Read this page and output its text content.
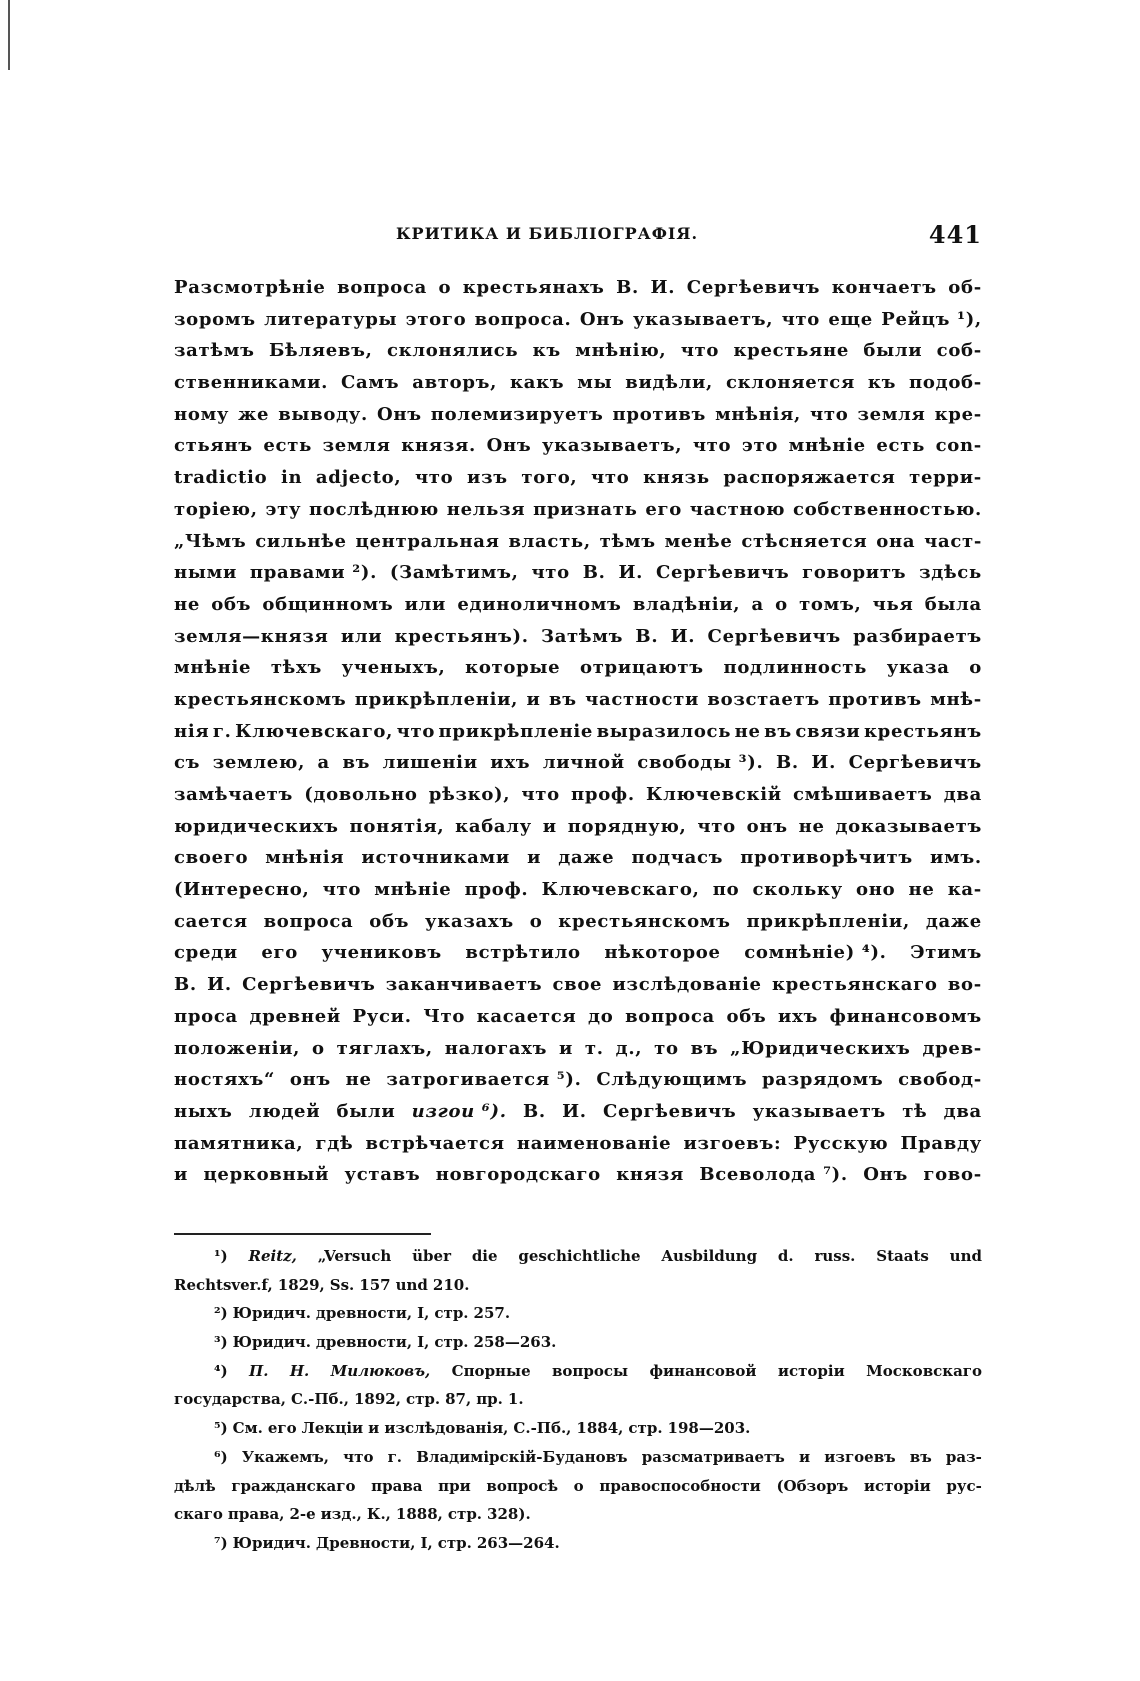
КРИТИКА И БИБЛІОГРАФІЯ.	441
Разсмотрѣніе вопроса о крестьянахъ В. И. Сергѣевичъ кончаетъ об-
зоромъ литературы этого вопроса. Онъ указываетъ, что еще Рейцъ ¹),
затѣмъ Бѣляевъ, склонялись къ мнѣнію, что крестьяне были соб-
ственниками. Самъ авторъ, какъ мы видѣли, склоняется къ подоб-
ному же выводу. Онъ полемизируетъ противъ мнѣнія, что земля кре-
стьянъ есть земля князя. Онъ указываетъ, что это мнѣніе есть con-
tradictio in adjecto, что изъ того, что князь распоряжается терри-
торіею, эту послѣднюю нельзя признать его частною собственностью.
„Чѣмъ сильнѣе центральная власть, тѣмъ менѣе стѣсняется она част-
ными правами ²). (Замѣтимъ, что В. И. Сергѣевичъ говоритъ здѣсь
не объ общинномъ или единоличномъ владѣніи, а о томъ, чья была
земля—князя или крестьянъ). Затѣмъ В. И. Сергѣевичъ разбираетъ
мнѣніе тѣхъ ученыхъ, которые отрицаютъ подлинность указа о
крестьянскомъ прикрѣпленіи, и въ частности возстаетъ противъ мнѣ-
нія г. Ключевскаго, что прикрѣпленіе выразилось не въ связи крестьянъ
съ землею, а въ лишеніи ихъ личной свободы ³). В. И. Сергѣевичъ
замѣчаетъ (довольно рѣзко), что проф. Ключевскій смѣшиваетъ два
юридическихъ понятія, кабалу и порядную, что онъ не доказываетъ
своего мнѣнія источниками и даже подчасъ противорѣчитъ имъ.
(Интересно, что мнѣніе проф. Ключевскаго, по скольку оно не ка-
сается вопроса объ указахъ о крестьянскомъ прикрѣпленіи, даже
среди его учениковъ встрѣтило нѣкоторое сомнѣніе) ⁴). Этимъ
В. И. Сергѣевичъ заканчиваетъ свое изслѣдованіе крестьянскаго во-
проса древней Руси. Что касается до вопроса объ ихъ финансовомъ
положеніи, о тяглахъ, налогахъ и т. д., то въ „Юридическихъ древ-
ностяхъ“ онъ не затрогивается ⁵). Слѣдующимъ разрядомъ свобод-
ныхъ людей были изгои ⁶). В. И. Сергѣевичъ указываетъ тѣ два
памятника, гдѣ встрѣчается наименованіе изгоевъ: Русскую Правду
и церковный уставъ новгородскаго князя Всеволода ⁷). Онъ гово-
¹) Reitz, „Versuch über die geschichtliche Ausbildung d. russ. Staats und
Rechtsver.f, 1829, Ss. 157 und 210.
²) Юридич. древности, I, стр. 257.
³) Юридич. древности, I, стр. 258—263.
⁴) П. Н. Милюковъ, Спорные вопросы финансовой исторіи Московскаго
государства, С.-Пб., 1892, стр. 87, пр. 1.
⁵) См. его Лекціи и изслѣдованія, С.-Пб., 1884, стр. 198—203.
⁶) Укажемъ, что г. Владимірскій-Будановъ разсматриваетъ и изгоевъ въ раз-
дѣлѣ гражданскаго права при вопросѣ о правоспособности (Обзоръ исторіи рус-
скаго права, 2-е изд., К., 1888, стр. 328).
⁷) Юридич. Древности, I, стр. 263—264.
